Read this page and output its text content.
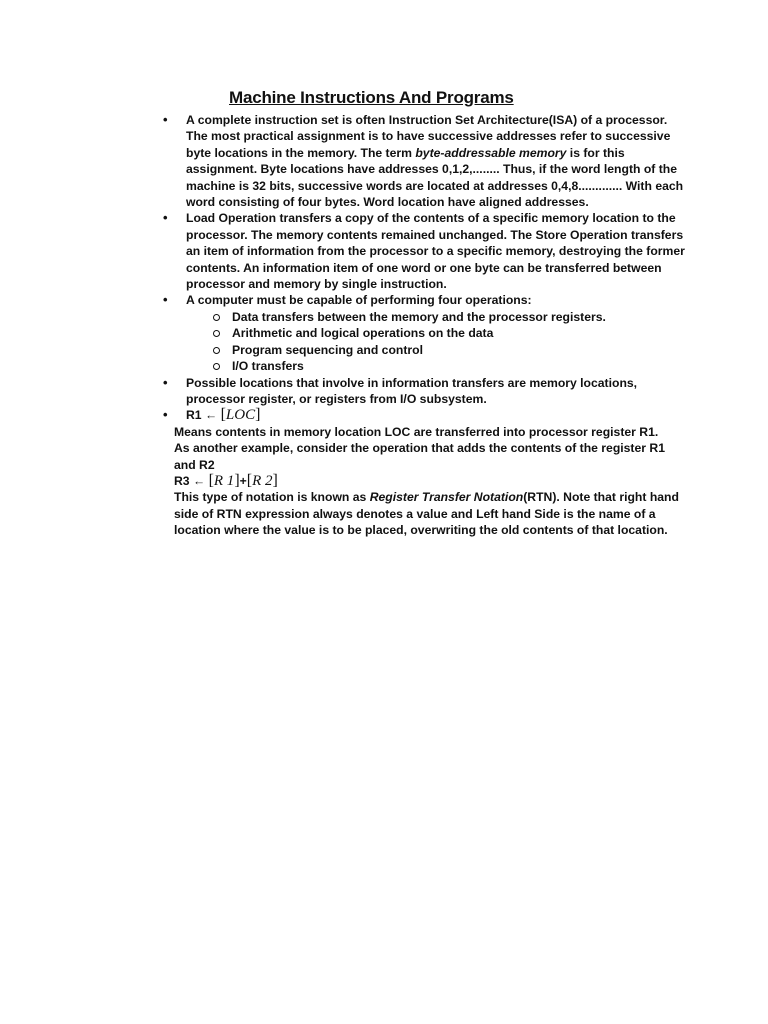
Machine Instructions And Programs
• A complete instruction set is often Instruction Set Architecture(ISA) of a processor. The most practical assignment is to have successive addresses refer to successive byte locations in the memory. The term byte-addressable memory is for this assignment. Byte locations have addresses 0,1,2,........ Thus, if the word length of the machine is 32 bits, successive words are located at addresses 0,4,8............. With each word consisting of four bytes. Word location have aligned addresses.
• Load Operation transfers a copy of the contents of a specific memory location to the processor. The memory contents remained unchanged. The Store Operation transfers an item of information from the processor to a specific memory, destroying the former contents. An information item of one word or one byte can be transferred between processor and memory by single instruction.
• A computer must be capable of performing four operations:
Data transfers between the memory and the processor registers.
Arithmetic and logical operations on the data
Program sequencing and control
I/O transfers
• Possible locations that involve in information transfers are memory locations, processor register, or registers from I/O subsystem.
• R1 ← [LOC]
Means contents in memory location LOC are transferred into processor register R1.
As another example, consider the operation that adds the contents of the register R1 and R2
R3 ← [R 1]+[R 2]
This type of notation is known as Register Transfer Notation(RTN). Note that right hand side of RTN expression always denotes a value and Left hand Side is the name of a location where the value is to be placed, overwriting the old contents of that location.
